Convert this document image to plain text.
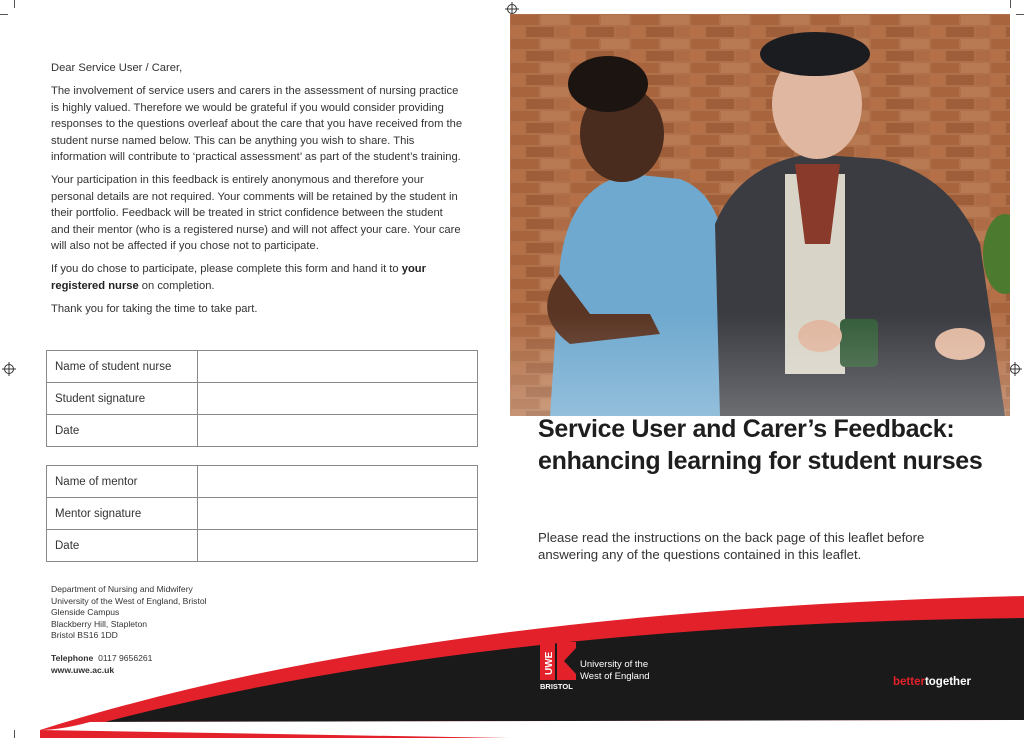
Dear Service User / Carer,

The involvement of service users and carers in the assessment of nursing practice is highly valued. Therefore we would be grateful if you would consider providing responses to the questions overleaf about the care that you have received from the student nurse named below. This can be anything you wish to share. This information will contribute to ‘practical assessment’ as part of the student’s training.

Your participation in this feedback is entirely anonymous and therefore your personal details are not required. Your comments will be retained by the student in their portfolio. Feedback will be treated in strict confidence between the student and their mentor (who is a registered nurse) and will not affect your care. Your care will also not be affected if you chose not to participate.

If you do chose to participate, please complete this form and hand it to your registered nurse on completion.

Thank you for taking the time to take part.

Name of student nurse	
Student signature	
Date	
Name of mentor	
Mentor signature	
Date	
Department of Nursing and Midwifery
University of the West of England, Bristol
Glenside Campus
Blackberry Hill, Stapleton
Bristol BS16 1DD
Telephone 0117 9656261
www.uwe.ac.uk
Service User and Carer’s Feedback: enhancing learning for student nurses
Please read the instructions on the back page of this leaflet before answering any of the questions contained in this leaflet.
UWE
BRISTOL
University of the
West of England	bettertogether
